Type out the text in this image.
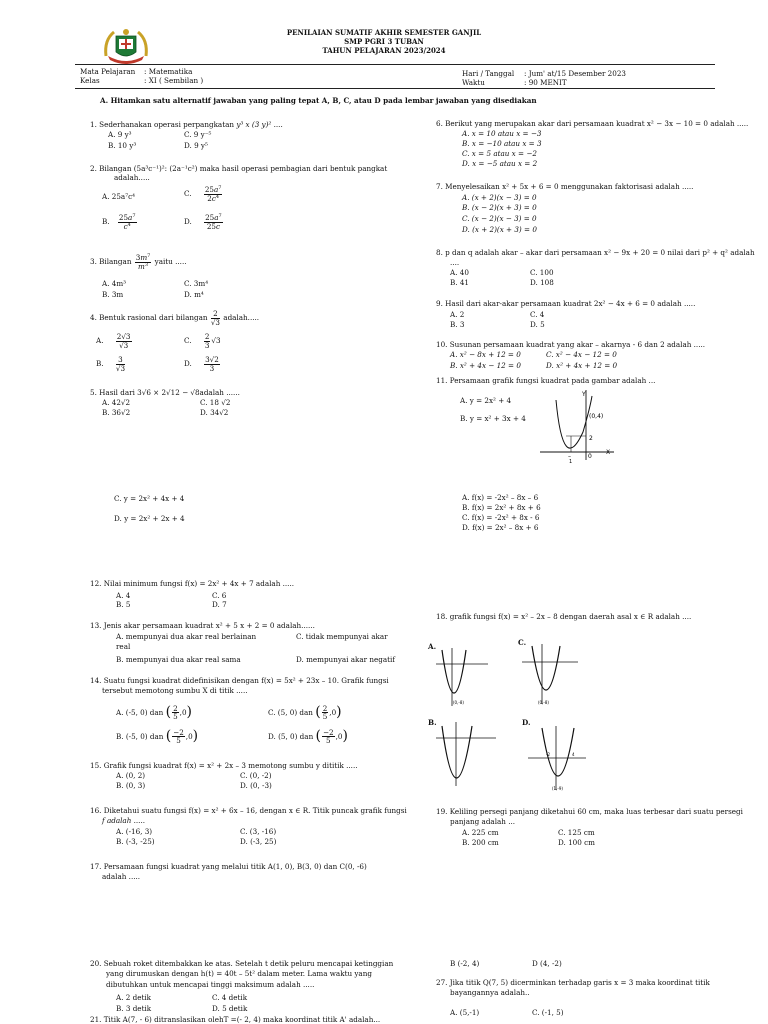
PENILAIAN SUMATIF AKHIR SEMESTER GANJIL
SMP PGRI 3 TUBAN
TAHUN PELAJARAN 2023/2024
Mata Pelajaran : Matematika
Kelas	: XI ( Sembilan )
Hari / Tanggal : Jum' at/15 Desember 2023
Waktu	: 90 MENIT
A. Hitamkan satu alternatif jawaban yang paling tepat A, B, C, atau D pada lembar jawaban yang disediakan
1. Sederhanakan operasi perpangkatan y³ x (3 y)² ....
A. 9 y³
B. 10 y³
C. 9 y⁻⁵
D. 9 y⁵
2. Bilangan (5a³c⁻¹)²: (2a⁻¹c²) maka hasil operasi pembagian dari bentuk pangkat
adalah.....
A. 25a⁷c⁴	C. $\frac{25a^7}{2c^4}$
B. $\frac{25a^7}{c^4}$	D. $\frac{25a^7}{25c}$
3. Bilangan $\frac{3m^7}{m^3}$ yaitu .....
A. 4m³
B. 3m
C. 3m⁴
D. m⁴
4. Bentuk rasional dari bilangan $\frac{2}{√3}$ adalah.....
A. $\frac{2√3}{√3}$	C. $\frac{2}{3} √3$
B. $\frac{3}{√3}$	D. $\frac{3√2}{3}$
5. Hasil dari 3√6 × 2√12 − √8adalah ......
A. 42√2
B. 36√2
C. 18 √2
D. 34√2
6. Berikut yang merupakan akar dari persamaan kuadrat x² − 3x − 10 = 0 adalah .....
A. x = 10 atau x = −3
B. x = −10 atau x = 3
C. x = 5 atau x = −2
D. x = −5 atau x = 2
7. Menyelesaikan x² + 5x + 6 = 0 menggunakan faktorisasi adalah .....
A. (x + 2)(x − 3) = 0
B. (x − 2)(x + 3) = 0
C. (x − 2)(x − 3) = 0
D. (x + 2)(x + 3) = 0
8. p dan q adalah akar – akar dari persamaan x² − 9x + 20 = 0 nilai dari p² + q² adalah
....
A. 40
B. 41
C. 100
D. 108
9. Hasil dari akar-akar persamaan kuadrat 2x² − 4x + 6 = 0 adalah .....
A. 2
B. 3
C. 4
D. 5
10. Susunan persamaan kuadrat yang akar – akarnya - 6 dan 2 adalah .....
A. x² − 8x + 12 = 0
B. x² + 4x − 12 = 0
C. x² − 4x − 12 = 0
D. x² + 4x + 12 = 0
11. Persamaan grafik fungsi kuadrat pada gambar adalah ...
A. y = 2x² + 4
B. y = x² + 3x + 4
C. y = 2x² + 4x + 4
D. y = 2x² + 2x + 4
Y
X
(0,4)
2
0
–
1
A. f(x) = -2x² – 8x – 6
B. f(x) = 2x² + 8x + 6
C. f(x) = -2x² + 8x - 6
D. f(x) = 2x² – 8x + 6
12. Nilai minimum fungsi f(x) = 2x² + 4x + 7 adalah .....
A. 4
B. 5
C. 6
D. 7
13. Jenis akar persamaan kuadrat x² + 5 x + 2 = 0 adalah......
A. mempunyai dua akar real berlainan
real
B. mempunyai dua akar real sama
C. tidak mempunyai akar
D. mempunyai akar negatif
14. Suatu fungsi kuadrat didefinisikan dengan f(x) = 5x² + 23x – 10. Grafik fungsi
tersebut memotong sumbu X di titik .....
A. (-5, 0) dan ( $\frac{2}{5} ,0$)	C. (5, 0) dan ( $\frac{2}{5} ,0$)
B. (-5, 0) dan ( $\frac{-2}{5} ,0$)	D. (5, 0) dan ( $\frac{-2}{5} ,0$)
15. Grafik fungsi kuadrat f(x) = x² + 2x – 3 memotong sumbu y dititik .....
A. (0, 2)
B. (0, 3)
C. (0, -2)
D. (0, -3)
16. Diketahui suatu fungsi f(x) = x² + 6x – 16, dengan x ∈ R. Titik puncak grafik fungsi
f adalah .....
A. (-16, 3)
B. (-3, -25)
C. (3, -16)
D. (-3, 25)
17. Persamaan fungsi kuadrat yang melalui titik A(1, 0), B(3, 0) dan C(0, -6)
adalah .....
18. grafik fungsi f(x) = x² – 2x – 8 dengan daerah asal x ∈ R adalah ....
A.	C.
B.	D.
(0,-8)	(0,-8)
-2	4
(1,-9)
19. Keliling persegi panjang diketahui 60 cm, maka luas terbesar dari suatu persegi
panjang adalah ...
A. 225 cm
B. 200 cm
C. 125 cm
D. 100 cm
20. Sebuah roket ditembakkan ke atas. Setelah t detik peluru mencapai ketinggian
yang dirumuskan dengan h(t) = 40t – 5t² dalam meter. Lama waktu yang
dibutuhkan untuk mencapai tinggi maksimum adalah .....
A. 2 detik
B. 3 detik
C. 4 detik
D. 5 detik
21. Titik A(7, - 6) ditranslasikan olehT =(- 2, 4) maka koordinat titik A' adalah...
B (-2, 4)	D (4, -2)
27. Jika titik Q(7, 5) dicerminkan terhadap garis x = 3 maka koordinat titik
bayangannya adalah..
A. (5,-1)	C. (-1, 5)
